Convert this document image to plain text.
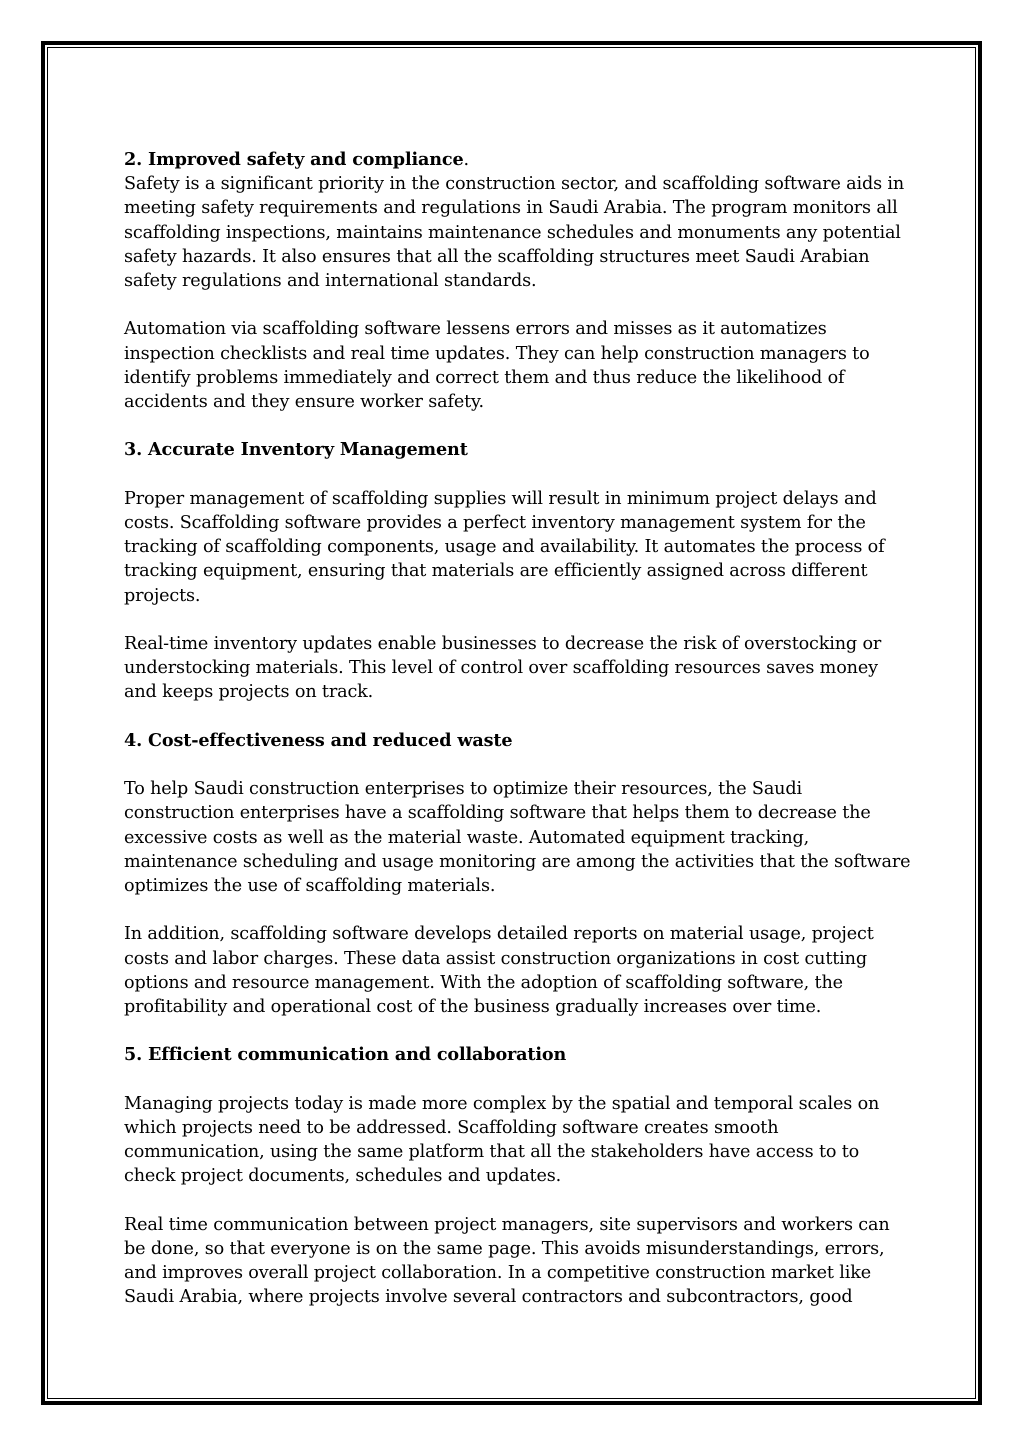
2. Improved safety and compliance.

Safety is a significant priority in the construction sector, and scaffolding software aids in meeting safety requirements and regulations in Saudi Arabia. The program monitors all scaffolding inspections, maintains maintenance schedules and monuments any potential safety hazards. It also ensures that all the scaffolding structures meet Saudi Arabian safety regulations and international standards.

Automation via scaffolding software lessens errors and misses as it automatizes inspection checklists and real time updates. They can help construction managers to identify problems immediately and correct them and thus reduce the likelihood of accidents and they ensure worker safety.

3. Accurate Inventory Management

Proper management of scaffolding supplies will result in minimum project delays and costs. Scaffolding software provides a perfect inventory management system for the tracking of scaffolding components, usage and availability. It automates the process of tracking equipment, ensuring that materials are efficiently assigned across different projects.

Real-time inventory updates enable businesses to decrease the risk of overstocking or understocking materials. This level of control over scaffolding resources saves money and keeps projects on track.

4. Cost-effectiveness and reduced waste

To help Saudi construction enterprises to optimize their resources, the Saudi construction enterprises have a scaffolding software that helps them to decrease the excessive costs as well as the material waste. Automated equipment tracking, maintenance scheduling and usage monitoring are among the activities that the software optimizes the use of scaffolding materials.

In addition, scaffolding software develops detailed reports on material usage, project costs and labor charges. These data assist construction organizations in cost cutting options and resource management. With the adoption of scaffolding software, the profitability and operational cost of the business gradually increases over time.

5. Efficient communication and collaboration

Managing projects today is made more complex by the spatial and temporal scales on which projects need to be addressed. Scaffolding software creates smooth communication, using the same platform that all the stakeholders have access to to check project documents, schedules and updates.

Real time communication between project managers, site supervisors and workers can be done, so that everyone is on the same page. This avoids misunderstandings, errors, and improves overall project collaboration. In a competitive construction market like Saudi Arabia, where projects involve several contractors and subcontractors, good
